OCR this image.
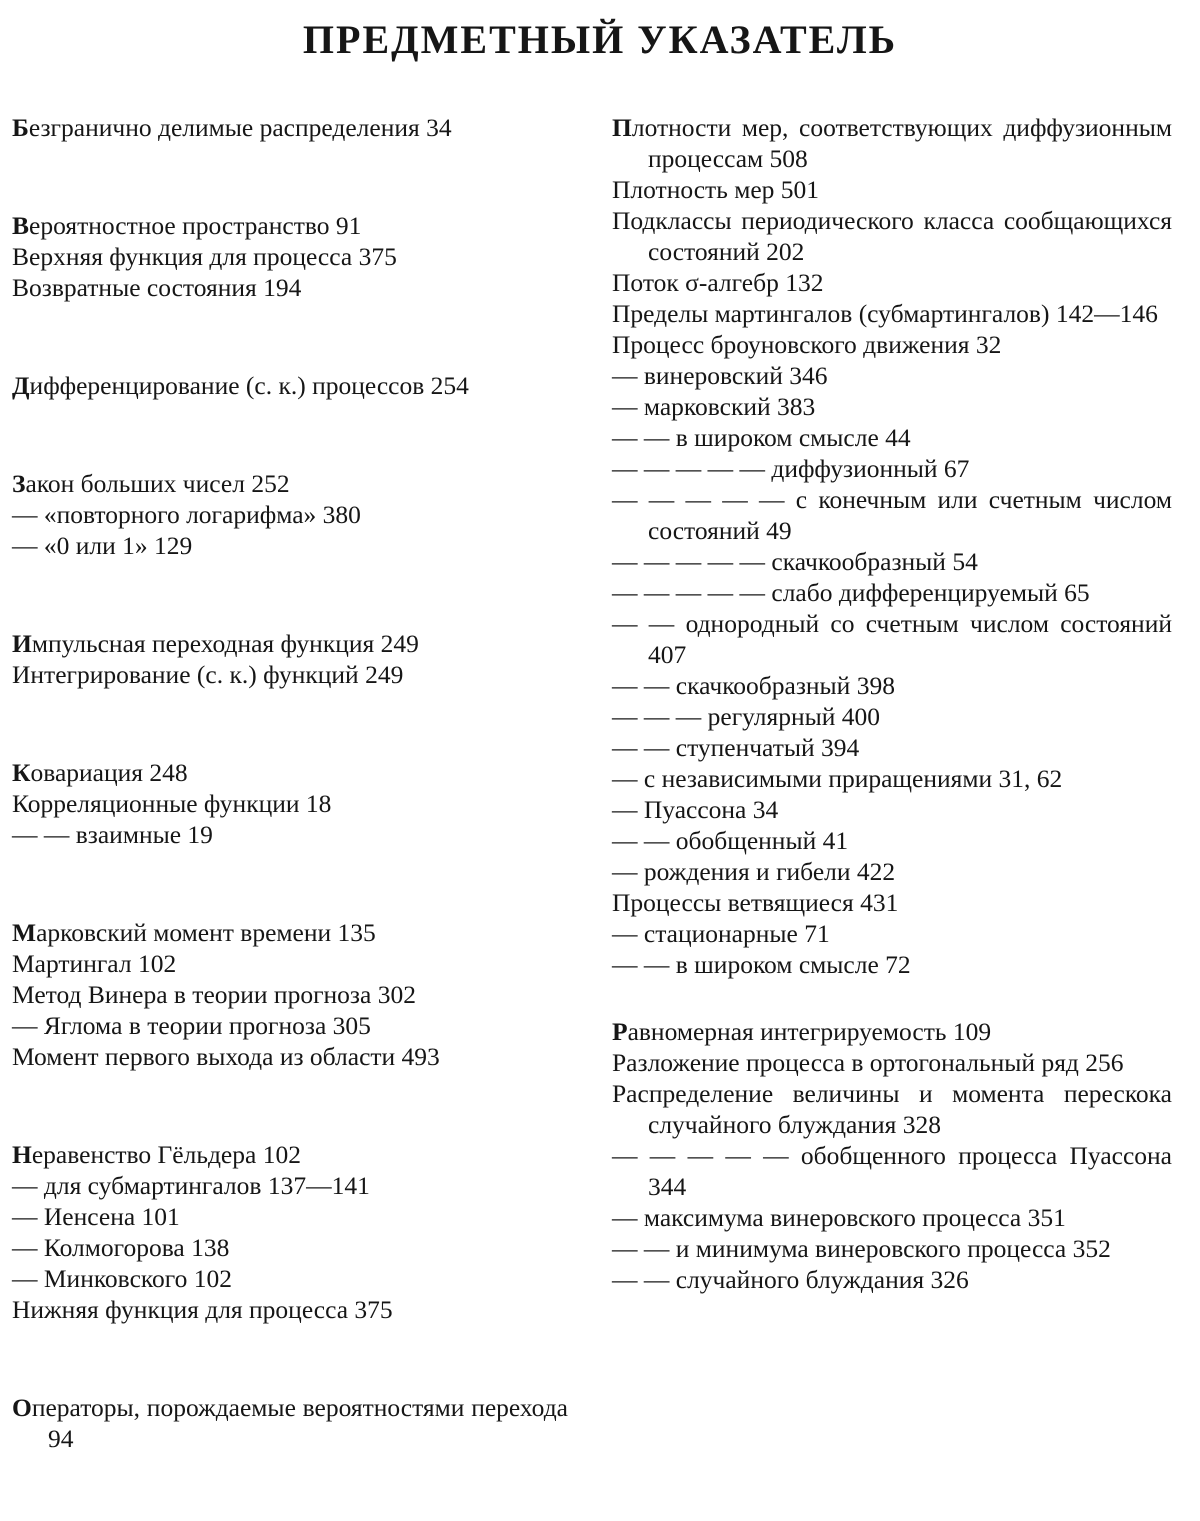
ПРЕДМЕТНЫЙ УКАЗАТЕЛЬ

Безгранично делимые распределения 34

Вероятностное пространство 91

Верхняя функция для процесса 375

Возвратные состояния 194

Дифференцирование (с. к.) процессов 254

Закон больших чисел 252

— «повторного логарифма» 380

— «0 или 1» 129

Импульсная переходная функция 249

Интегрирование (с. к.) функций 249

Ковариация 248

Корреляционные функции 18

— — взаимные 19

Марковский момент времени 135

Мартингал 102

Метод Винера в теории прогноза 302

— Ягломa в теории прогноза 305

Момент первого выхода из области 493

Неравенство Гёльдера 102

— для субмартингалов 137—141

— Иенсена 101

— Колмогорова 138

— Минковского 102

Нижняя функция для процесса 375

Операторы, порождаемые вероятностями перехода 94

Плотности мер, соответствующих диффузионным процессам 508

Плотность мер 501

Подклассы периодического класса сообщающихся состояний 202

Поток σ-алгебр 132

Пределы мартингалов (субмартингалов) 142—146

Процесс броуновского движения 32

— винеровский 346

— марковский 383

— — в широком смысле 44

— — — — — диффузионный 67

— — — — — с конечным или счетным числом состояний 49

— — — — — скачкообразный 54

— — — — — слабо дифференцируемый 65

— — однородный со счетным числом состояний 407

— — скачкообразный 398

— — — регулярный 400

— — ступенчатый 394

— с независимыми приращениями 31, 62

— Пуассона 34

— — обобщенный 41

— рождения и гибели 422

Процессы ветвящиеся 431

— стационарные 71

— — в широком смысле 72

Равномерная интегрируемость 109

Разложение процесса в ортогональный ряд 256

Распределение величины и момента перескока случайного блуждания 328

— — — — — обобщенного процесса Пуассона 344

— максимума винеровского процесса 351

— — и минимума винеровского процесса 352

— — случайного блуждания 326
